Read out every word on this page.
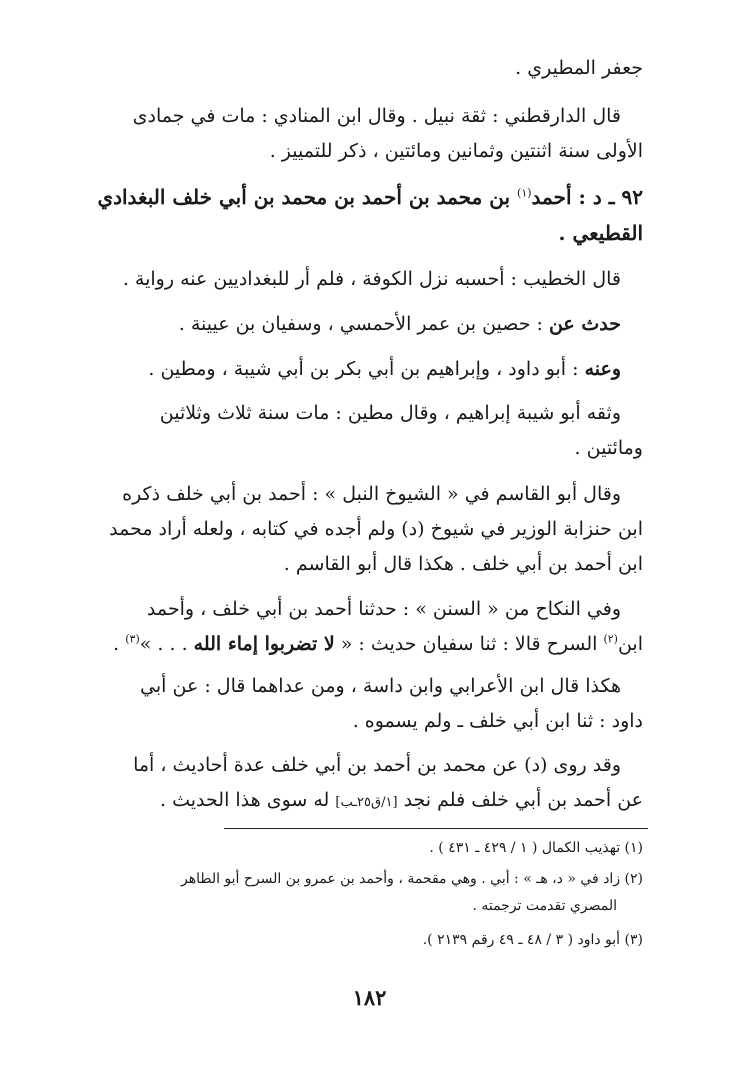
جعفر المطيري .

قال الدارقطني : ثقة نبيل . وقال ابن المنادي : مات في جمادى
الأولى سنة اثنتين وثمانين ومائتين ، ذكر للتمييز .

٩٢ ـ د : أحمد$^{(١)}$ بن محمد بن أحمد بن محمد بن أبي خلف البغدادي
القطيعي .

قال الخطيب : أحسبه نزل الكوفة ، فلم أر للبغداديين عنه رواية .

حدث عن : حصين بن عمر الأحمسي ، وسفيان بن عيينة .

وعنه : أبو داود ، وإبراهيم بن أبي بكر بن أبي شيبة ، ومطين .

وثقه أبو شيبة إبراهيم ، وقال مطين : مات سنة ثلاث وثلاثين
ومائتين .

وقال أبو القاسم في « الشيوخ النبل » : أحمد بن أبي خلف ذكره
ابن حنزابة الوزير في شيوخ (د) ولم أجده في كتابه ، ولعله أراد محمد
ابن أحمد بن أبي خلف . هكذا قال أبو القاسم .

وفي النكاح من « السنن » : حدثنا أحمد بن أبي خلف ، وأحمد
ابن$^{(٢)}$ السرح قالا : ثنا سفيان حديث : « لا تضربوا إماء الله . . . »$^{(٣)}$ .

هكذا قال ابن الأعرابي وابن داسة ، ومن عداهما قال : عن أبي
داود : ثنا ابن أبي خلف ـ ولم يسموه .

وقد روى (د) عن محمد بن أحمد بن أبي خلف عدة أحاديث ، أما
عن أحمد بن أبي خلف فلم نجد [١/ق٢٥ـب] له سوى هذا الحديث .

(١) تهذيب الكمال ( ١ / ٤٢٩ ـ ٤٣١ ) .

(٢) زاد في « د، هـ » : أبي . وهي مقحمة ، وأحمد بن عمرو بن السرح أبو الطاهر
المصري تقدمت ترجمته .

(٣) أبو داود ( ٣ / ٤٨ ـ ٤٩ رقم ٢١٣٩ ).

١٨٢
